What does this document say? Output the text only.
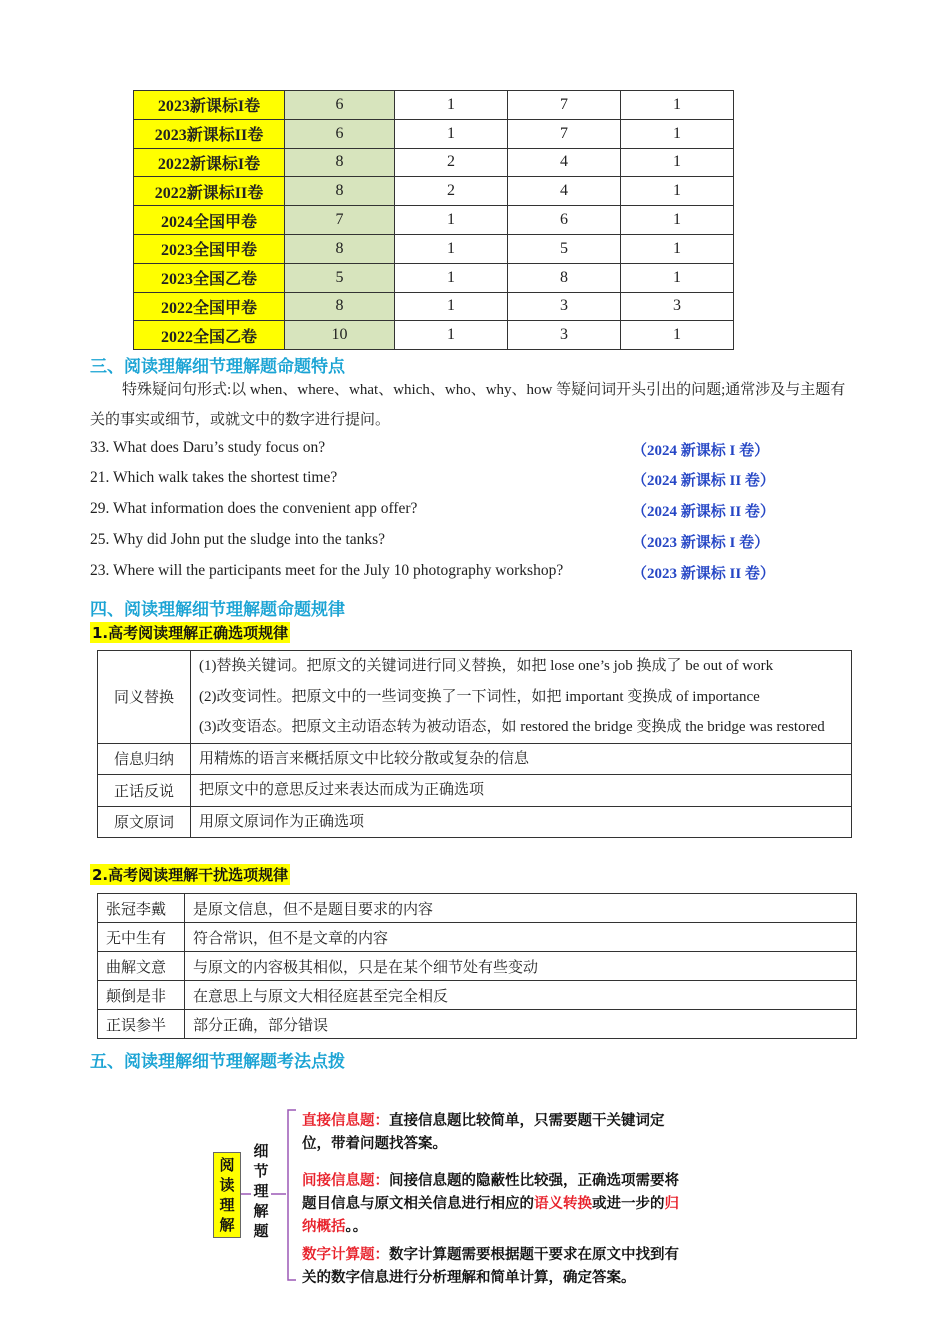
2023新课标I卷	6	1	7	1
2023新课标II卷	6	1	7	1
2022新课标I卷	8	2	4	1
2022新课标II卷	8	2	4	1
2024全国甲卷	7	1	6	1
2023全国甲卷	8	1	5	1
2023全国乙卷	5	1	8	1
2022全国甲卷	8	1	3	3
2022全国乙卷	10	1	3	1
三、阅读理解细节理解题命题特点
特殊疑问句形式:以 when、where、what、which、who、why、how 等疑问词开头引出的问题;通常涉及与主题有关的事实或细节，或就文中的数字进行提问。
33. What does Daru’s study focus on?	（2024 新课标 I 卷）
21. Which walk takes the shortest time?	（2024 新课标 II 卷）
29. What information does the convenient app offer?	（2024 新课标 II 卷）
25. Why did John put the sludge into the tanks?	（2023 新课标 I 卷）
23. Where will the participants meet for the July 10 photography workshop?	（2023 新课标 II 卷）
四、阅读理解细节理解题命题规律
1.高考阅读理解正确选项规律
同义替换	(1)替换关键词。把原文的关键词进行同义替换，如把 lose one’s job 换成了 be out of work
(2)改变词性。把原文中的一些词变换了一下词性，如把 important 变换成 of importance
(3)改变语态。把原文主动语态转为被动语态，如 restored the bridge 变换成 the bridge was restored

信息归纳	用精炼的语言来概括原文中比较分散或复杂的信息
正话反说	把原文中的意思反过来表达而成为正确选项
原文原词	用原文原词作为正确选项
2.高考阅读理解干扰选项规律
张冠李戴	是原文信息，但不是题目要求的内容
无中生有	符合常识，但不是文章的内容
曲解文意	与原文的内容极其相似，只是在某个细节处有些变动
颠倒是非	在意思上与原文大相径庭甚至完全相反
正误参半	部分正确，部分错误
五、阅读理解细节理解题考法点拨
阅读理解
细节理解题
直接信息题：直接信息题比较简单，只需要题干关键词定位，带着问题找答案。
间接信息题：间接信息题的隐蔽性比较强，正确选项需要将题目信息与原文相关信息进行相应的语义转换或进一步的归纳概括。。
数字计算题：数字计算题需要根据题干要求在原文中找到有关的数字信息进行分析理解和简单计算，确定答案。
